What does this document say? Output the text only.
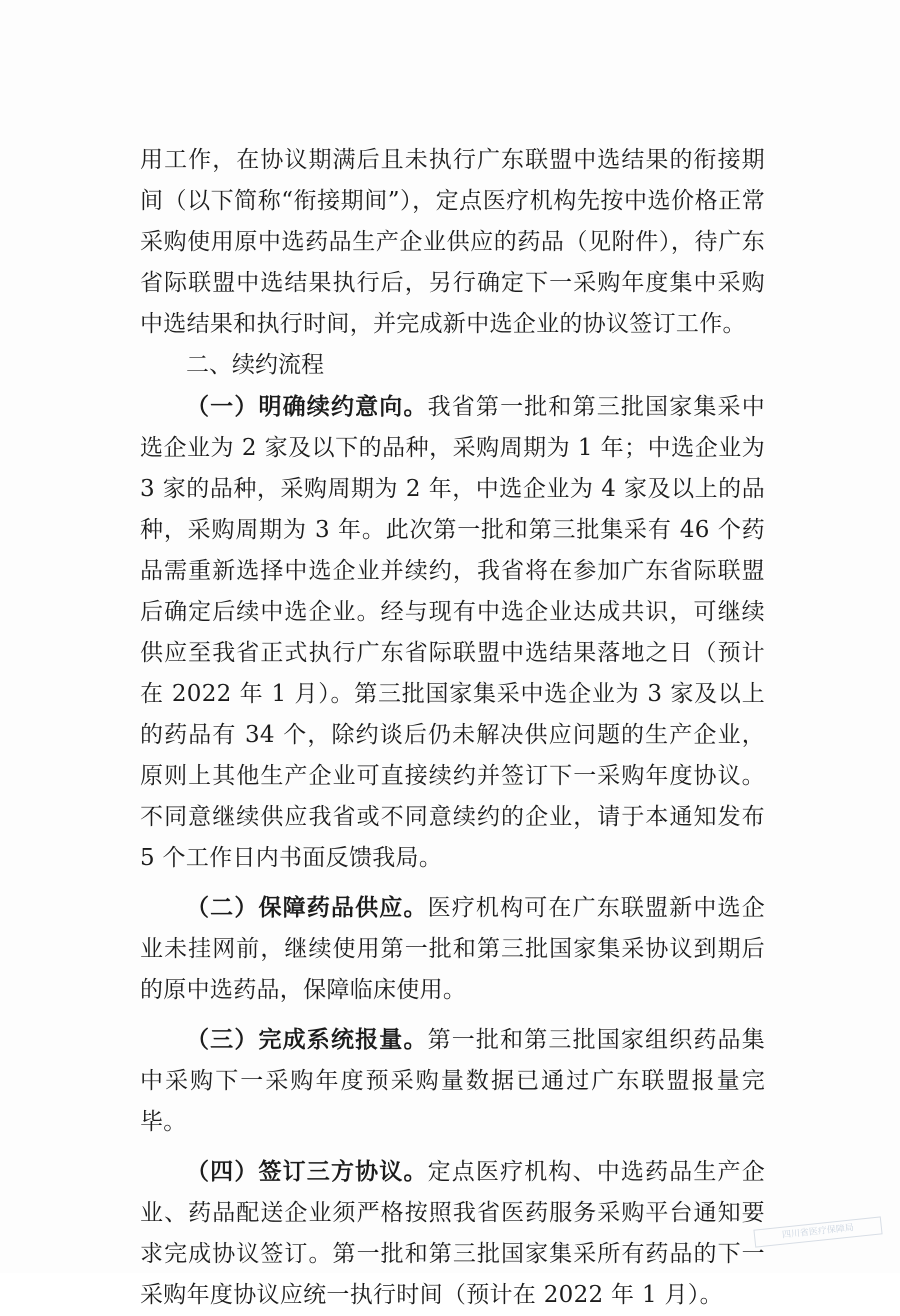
用工作，在协议期满后且未执行广东联盟中选结果的衔接期间（以下简称“衔接期间”），定点医疗机构先按中选价格正常采购使用原中选药品生产企业供应的药品（见附件），待广东省际联盟中选结果执行后，另行确定下一采购年度集中采购中选结果和执行时间，并完成新中选企业的协议签订工作。

二、续约流程

（一）明确续约意向。我省第一批和第三批国家集采中选企业为 2 家及以下的品种，采购周期为 1 年；中选企业为 3 家的品种，采购周期为 2 年，中选企业为 4 家及以上的品种，采购周期为 3 年。此次第一批和第三批集采有 46 个药品需重新选择中选企业并续约，我省将在参加广东省际联盟后确定后续中选企业。经与现有中选企业达成共识，可继续供应至我省正式执行广东省际联盟中选结果落地之日（预计在 2022 年 1 月）。第三批国家集采中选企业为 3 家及以上的药品有 34 个，除约谈后仍未解决供应问题的生产企业，原则上其他生产企业可直接续约并签订下一采购年度协议。不同意继续供应我省或不同意续约的企业，请于本通知发布 5 个工作日内书面反馈我局。

（二）保障药品供应。医疗机构可在广东联盟新中选企业未挂网前，继续使用第一批和第三批国家集采协议到期后的原中选药品，保障临床使用。

（三）完成系统报量。第一批和第三批国家组织药品集中采购下一采购年度预采购量数据已通过广东联盟报量完毕。

（四）签订三方协议。定点医疗机构、中选药品生产企业、药品配送企业须严格按照我省医药服务采购平台通知要求完成协议签订。第一批和第三批国家集采所有药品的下一采购年度协议应统一执行时间（预计在 2022 年 1 月）。

四川省医疗保障局
